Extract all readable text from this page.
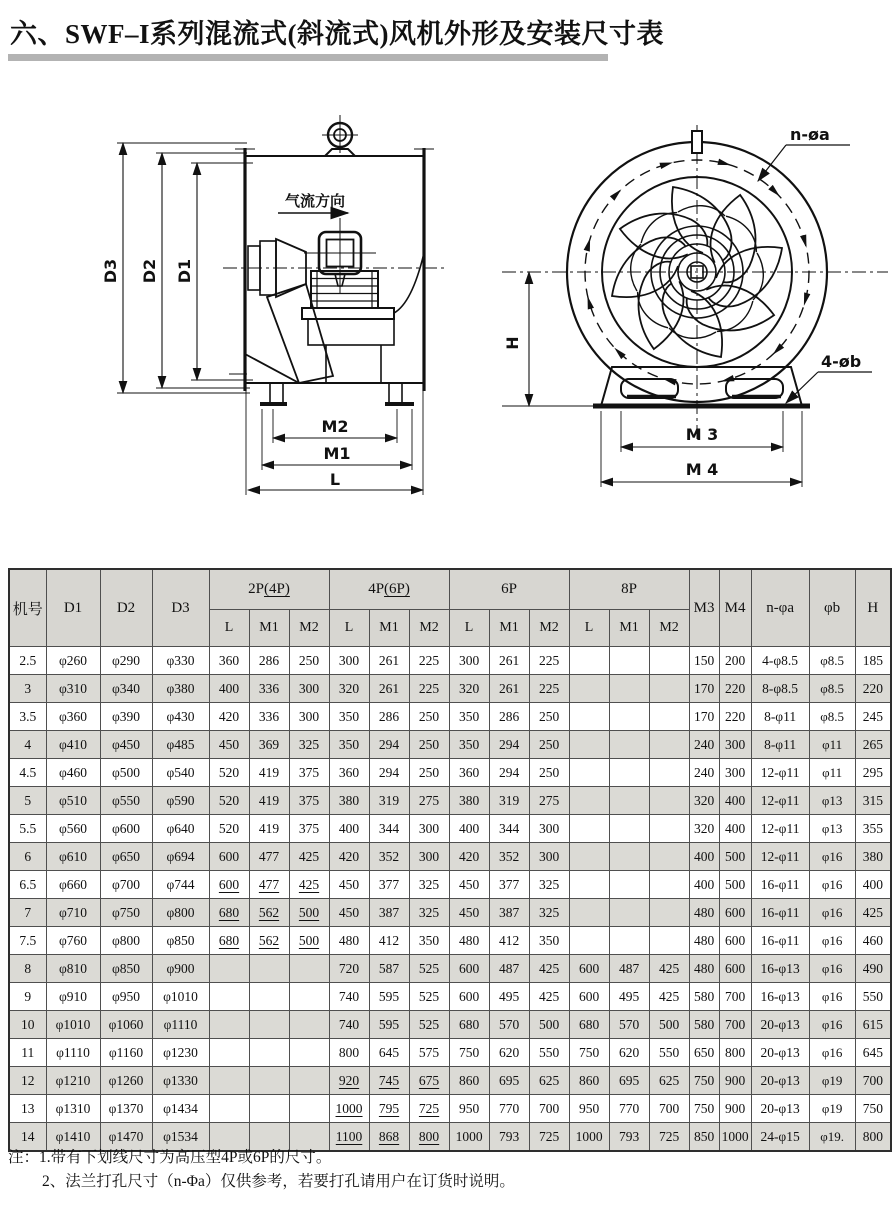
六、SWF–I系列混流式(斜流式)风机外形及安装尺寸表
气流方向
M2
M1
L
D3 D2 D1
n-øa
4-øb
H
M 3
M 4
机号	D1	D2	D3	2P(4P)			4P(6P)			6P			8P			M3	M4	n-φa	φb	H
				L	M1	M2	L	M1	M2	L	M1	M2	L	M1	M2					
2.5	φ260	φ290	φ330	360	286	250	300	261	225	300	261	225				150	200	4-φ8.5	φ8.5	185
3	φ310	φ340	φ380	400	336	300	320	261	225	320	261	225				170	220	8-φ8.5	φ8.5	220
3.5	φ360	φ390	φ430	420	336	300	350	286	250	350	286	250				170	220	8-φ11	φ8.5	245
4	φ410	φ450	φ485	450	369	325	350	294	250	350	294	250				240	300	8-φ11	φ11	265
4.5	φ460	φ500	φ540	520	419	375	360	294	250	360	294	250				240	300	12-φ11	φ11	295
5	φ510	φ550	φ590	520	419	375	380	319	275	380	319	275				320	400	12-φ11	φ13	315
5.5	φ560	φ600	φ640	520	419	375	400	344	300	400	344	300				320	400	12-φ11	φ13	355
6	φ610	φ650	φ694	600	477	425	420	352	300	420	352	300				400	500	12-φ11	φ16	380
6.5	φ660	φ700	φ744	600	477	425	450	377	325	450	377	325				400	500	16-φ11	φ16	400
7	φ710	φ750	φ800	680	562	500	450	387	325	450	387	325				480	600	16-φ11	φ16	425
7.5	φ760	φ800	φ850	680	562	500	480	412	350	480	412	350				480	600	16-φ11	φ16	460
8	φ810	φ850	φ900				720	587	525	600	487	425	600	487	425	480	600	16-φ13	φ16	490
9	φ910	φ950	φ1010				740	595	525	600	495	425	600	495	425	580	700	16-φ13	φ16	550
10	φ1010	φ1060	φ1110				740	595	525	680	570	500	680	570	500	580	700	20-φ13	φ16	615
11	φ1110	φ1160	φ1230				800	645	575	750	620	550	750	620	550	650	800	20-φ13	φ16	645
12	φ1210	φ1260	φ1330				920	745	675	860	695	625	860	695	625	750	900	20-φ13	φ19	700
13	φ1310	φ1370	φ1434				1000	795	725	950	770	700	950	770	700	750	900	20-φ13	φ19	750
14	φ1410	φ1470	φ1534				1100	868	800	1000	793	725	1000	793	725	850	1000	24-φ15	φ19.	800
注： 1.带有下划线尺寸为高压型4P或6P的尺寸。
2、法兰打孔尺寸（n-Φa）仅供参考，若要打孔请用户在订货时说明。
